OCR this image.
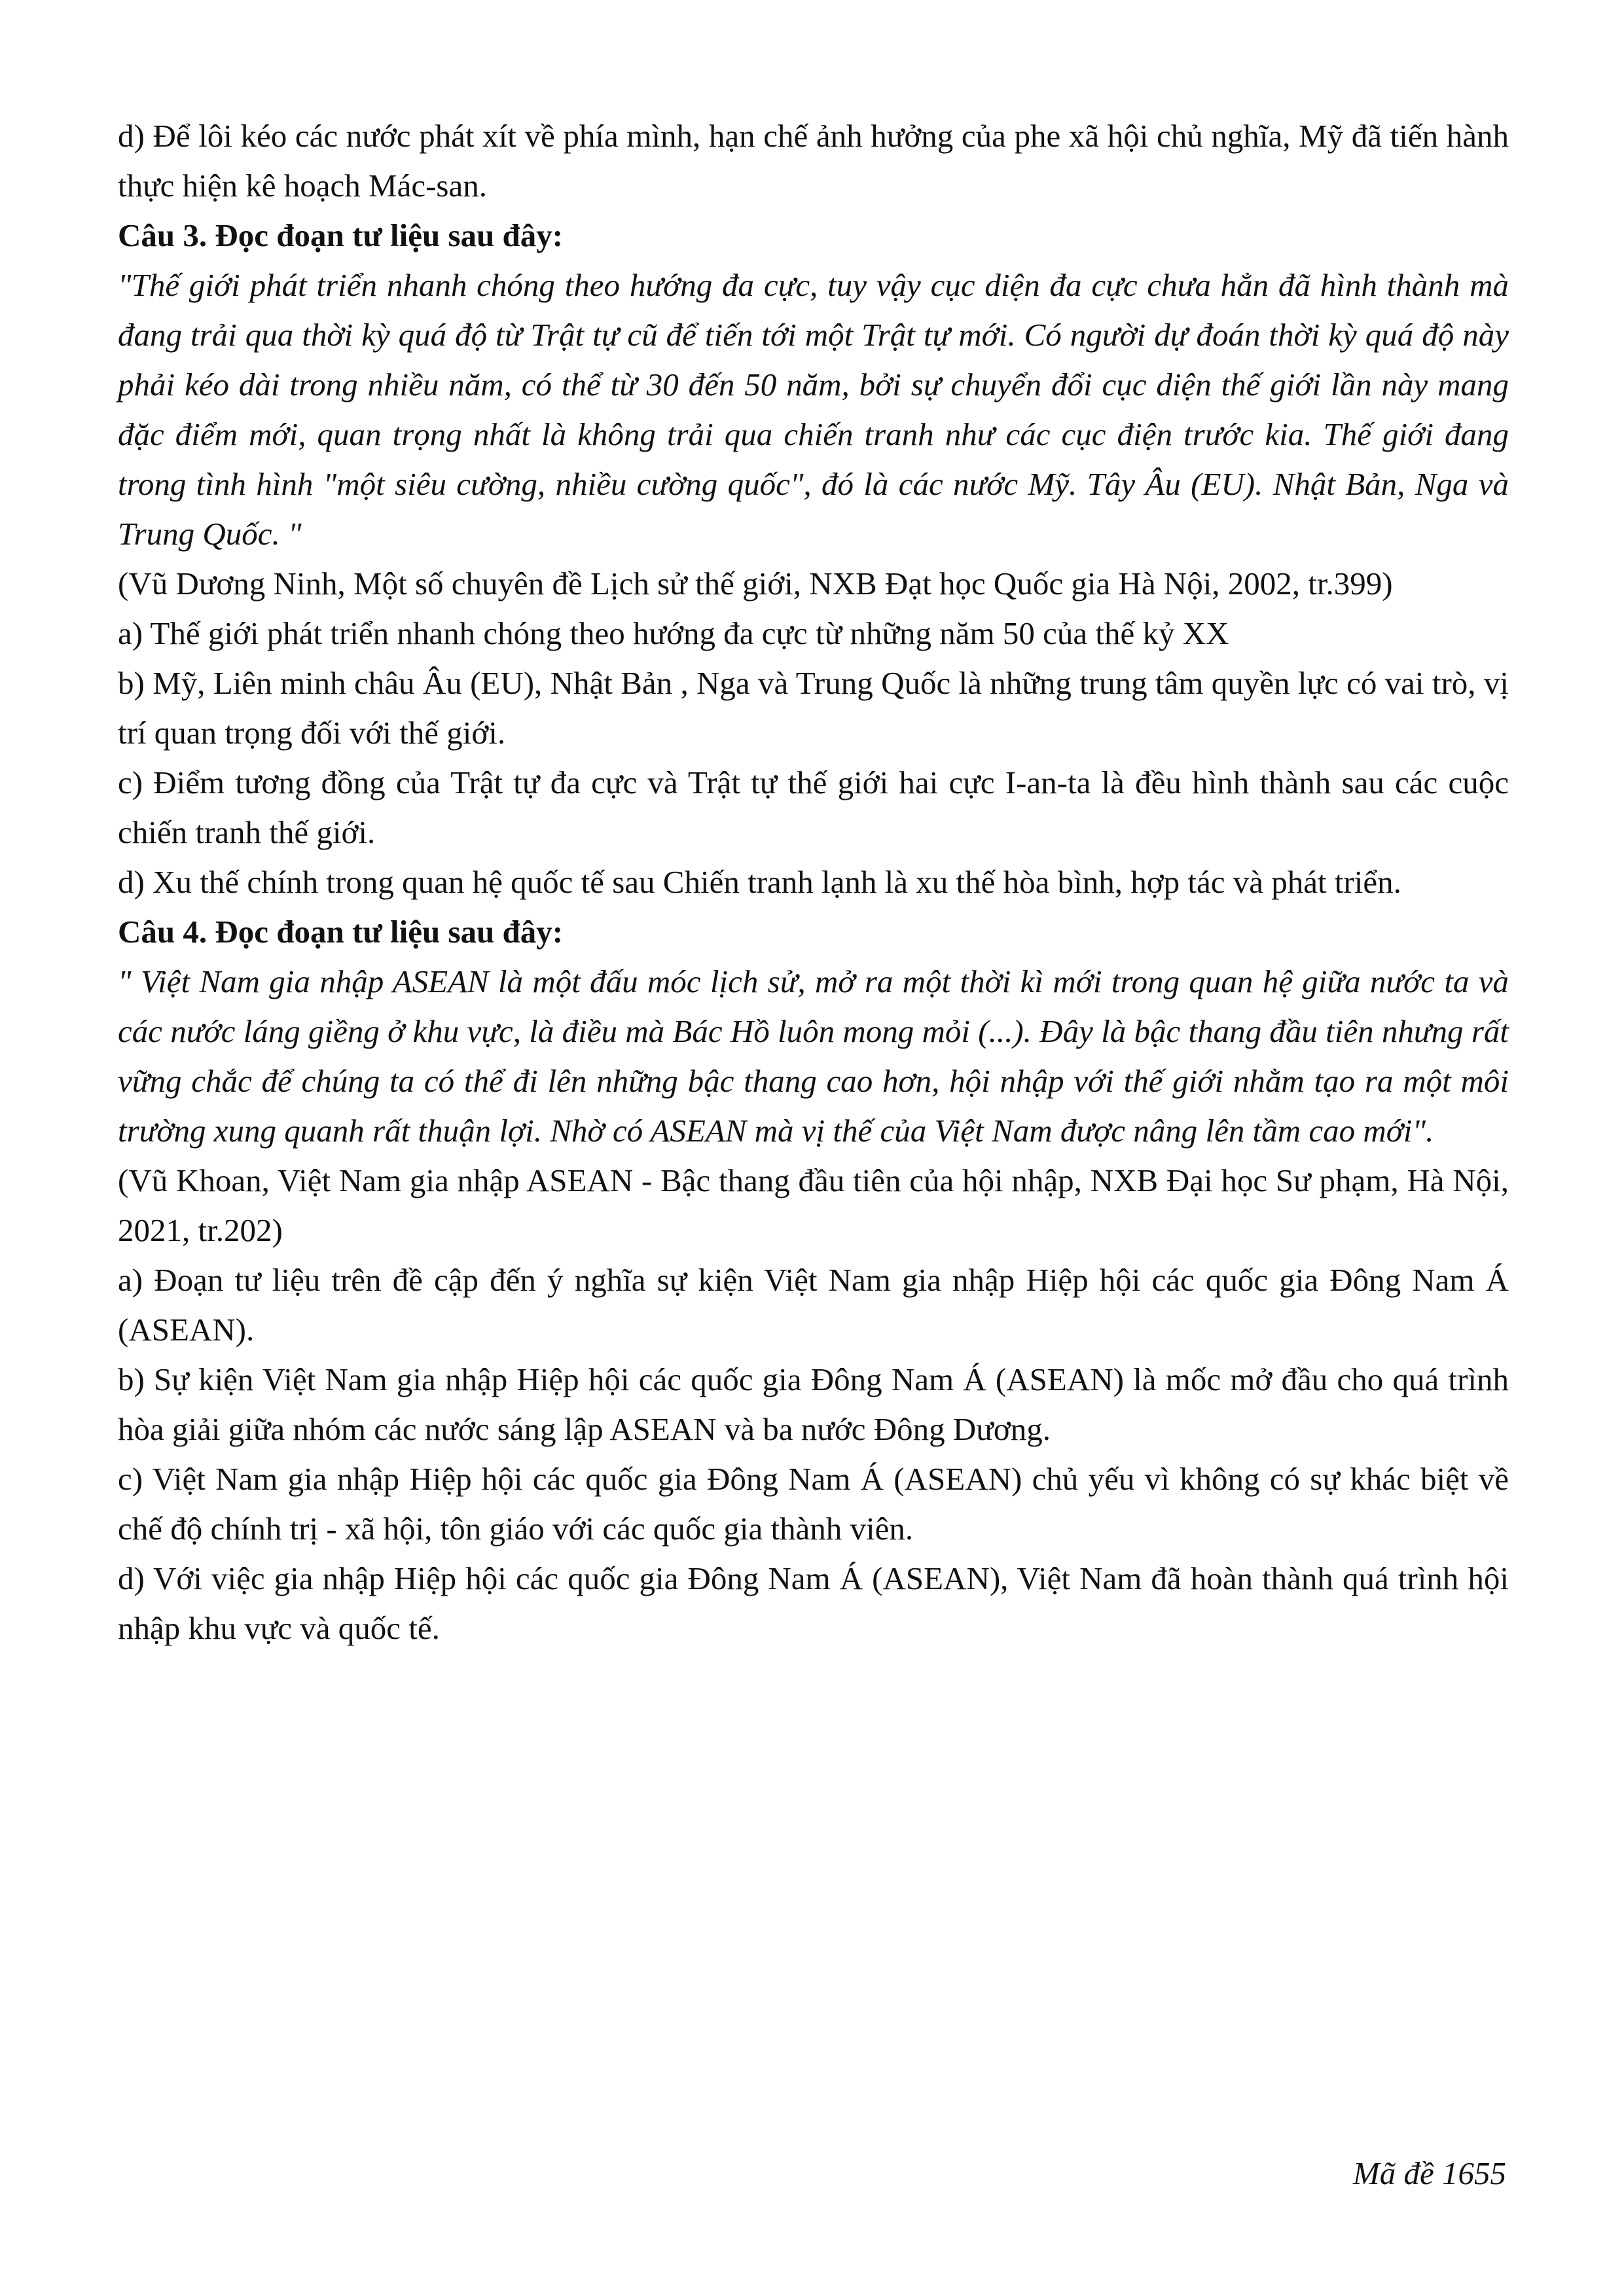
d) Để lôi kéo các nước phát xít về phía mình, hạn chế ảnh hưởng của phe xã hội chủ nghĩa, Mỹ đã tiến hành thực hiện kê hoạch Mác-san.

Câu 3. Đọc đoạn tư liệu sau đây:

"Thế giới phát triển nhanh chóng theo hướng đa cực, tuy vậy cục diện đa cực chưa hẳn đã hình thành mà đang trải qua thời kỳ quá độ từ Trật tự cũ để tiến tới một Trật tự mới. Có người dự đoán thời kỳ quá độ này phải kéo dài trong nhiều năm, có thể từ 30 đến 50 năm, bởi sự chuyển đổi cục diện thế giới lần này mang đặc điểm mới, quan trọng nhất là không trải qua chiến tranh như các cục điện trước kia. Thế giới đang trong tình hình "một siêu cường, nhiều cường quốc", đó là các nước Mỹ. Tây Âu (EU). Nhật Bản, Nga và Trung Quốc. "

(Vũ Dương Ninh, Một số chuyên đề Lịch sử thế giới, NXB Đạt học Quốc gia Hà Nội, 2002, tr.399)

a) Thế giới phát triển nhanh chóng theo hướng đa cực từ những năm 50 của thế kỷ XX

b) Mỹ, Liên minh châu Âu (EU), Nhật Bản , Nga và Trung Quốc là những trung tâm quyền lực có vai trò, vị trí quan trọng đối với thế giới.

c) Điểm tương đồng của Trật tự đa cực và Trật tự thế giới hai cực I-an-ta là đều hình thành sau các cuộc chiến tranh thế giới.

d) Xu thế chính trong quan hệ quốc tế sau Chiến tranh lạnh là xu thế hòa bình, hợp tác và phát triển.

Câu 4. Đọc đoạn tư liệu sau đây:

" Việt Nam gia nhập ASEAN là một đấu móc lịch sử, mở ra một thời kì mới trong quan hệ giữa nước ta và các nước láng giềng ở khu vực, là điều mà Bác Hồ luôn mong mỏi (...). Đây là bậc thang đầu tiên nhưng rất vững chắc để chúng ta có thể đi lên những bậc thang cao hơn, hội nhập với thế giới nhằm tạo ra một môi trường xung quanh rất thuận lợi. Nhờ có ASEAN mà vị thế của Việt Nam được nâng lên tầm cao mới".

(Vũ Khoan, Việt Nam gia nhập ASEAN - Bậc thang đầu tiên của hội nhập, NXB Đại học Sư phạm, Hà Nội, 2021, tr.202)

a) Đoạn tư liệu trên đề cập đến ý nghĩa sự kiện Việt Nam gia nhập Hiệp hội các quốc gia Đông Nam Á (ASEAN).

b) Sự kiện Việt Nam gia nhập Hiệp hội các quốc gia Đông Nam Á (ASEAN) là mốc mở đầu cho quá trình hòa giải giữa nhóm các nước sáng lập ASEAN và ba nước Đông Dương.

c) Việt Nam gia nhập Hiệp hội các quốc gia Đông Nam Á (ASEAN) chủ yếu vì không có sự khác biệt về chế độ chính trị - xã hội, tôn giáo với các quốc gia thành viên.

d) Với việc gia nhập Hiệp hội các quốc gia Đông Nam Á (ASEAN), Việt Nam đã hoàn thành quá trình hội nhập khu vực và quốc tế.

Mã đề 1655
